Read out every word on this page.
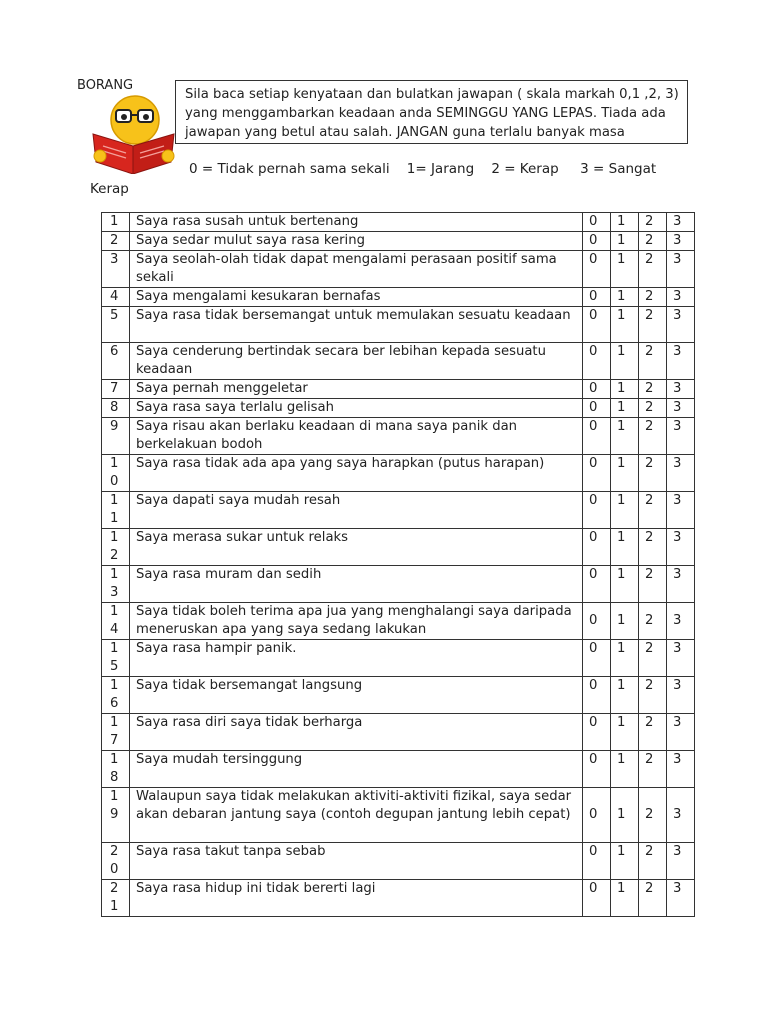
BORANG
Sila baca setiap kenyataan dan bulatkan jawapan ( skala markah 0,1 ,2, 3) yang menggambarkan keadaan anda SEMINGGU YANG LEPAS. Tiada ada jawapan yang betul atau salah. JANGAN guna terlalu banyak masa
0 = Tidak pernah sama sekali    1= Jarang    2 = Kerap     3 = Sangat
Kerap
1	Saya rasa susah untuk bertenang	0	1	2	3

2	Saya sedar mulut saya rasa kering	0	1	2	3

3	Saya seolah-olah tidak dapat mengalami perasaan positif sama sekali	0	1	2	3

4	Saya mengalami kesukaran bernafas	0	1	2	3

5	Saya rasa tidak bersemangat untuk memulakan sesuatu keadaan	0	1	2	3

6	Saya cenderung bertindak secara ber lebihan kepada sesuatu keadaan	0	1	2	3

7	Saya pernah menggeletar	0	1	2	3

8	Saya rasa saya terlalu gelisah	0	1	2	3

9	Saya risau akan berlaku keadaan di mana saya panik dan berkelakuan bodoh	0	1	2	3

10	Saya rasa tidak ada apa yang saya harapkan (putus harapan)	0	1	2	3

11	Saya dapati saya mudah resah	0	1	2	3

12	Saya merasa sukar untuk relaks	0	1	2	3

13	Saya rasa muram dan sedih	0	1	2	3

14	Saya tidak boleh terima apa jua yang menghalangi saya daripada meneruskan apa yang saya sedang lakukan	0	1	2	3

15	Saya rasa hampir panik.	0	1	2	3

16	Saya tidak bersemangat langsung	0	1	2	3

17	Saya rasa diri saya tidak berharga	0	1	2	3

18	Saya mudah tersinggung	0	1	2	3

19	Walaupun saya tidak melakukan aktiviti-aktiviti fizikal, saya sedar akan debaran jantung saya (contoh degupan jantung lebih cepat)	0	1	2	3

20	Saya rasa takut tanpa sebab	0	1	2	3

21	Saya rasa hidup ini tidak bererti lagi	0	1	2	3
